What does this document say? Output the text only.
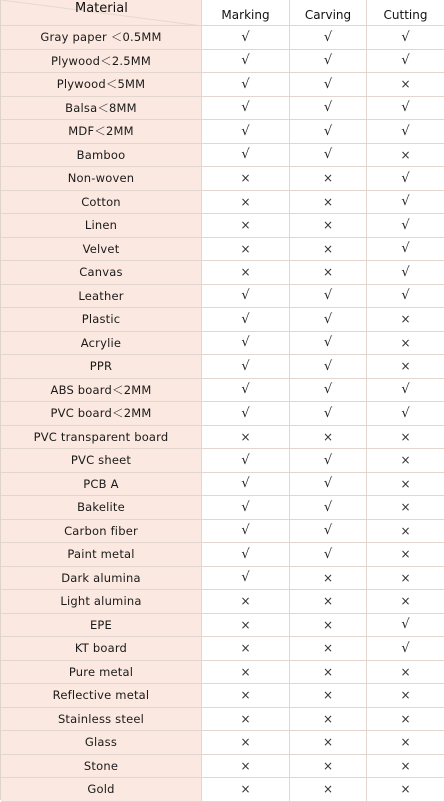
Material	Marking	Carving	Cutting
Gray paper ＜0.5MM	√	√	√
Plywood＜2.5MM	√	√	√
Plywood＜5MM	√	√	×
Balsa＜8MM	√	√	√
MDF＜2MM	√	√	√
Bamboo	√	√	×
Non-woven	×	×	√
Cotton	×	×	√
Linen	×	×	√
Velvet	×	×	√
Canvas	×	×	√
Leather	√	√	√
Plastic	√	√	×
Acrylie	√	√	×
PPR	√	√	×
ABS board＜2MM	√	√	√
PVC board＜2MM	√	√	√
PVC transparent board	×	×	×
PVC sheet	√	√	×
PCB A	√	√	×
Bakelite	√	√	×
Carbon fiber	√	√	×
Paint metal	√	√	×
Dark alumina	√	×	×
Light alumina	×	×	×
EPE	×	×	√
KT board	×	×	√
Pure metal	×	×	×
Reflective metal	×	×	×
Stainless steel	×	×	×
Glass	×	×	×
Stone	×	×	×
Gold	×	×	×
